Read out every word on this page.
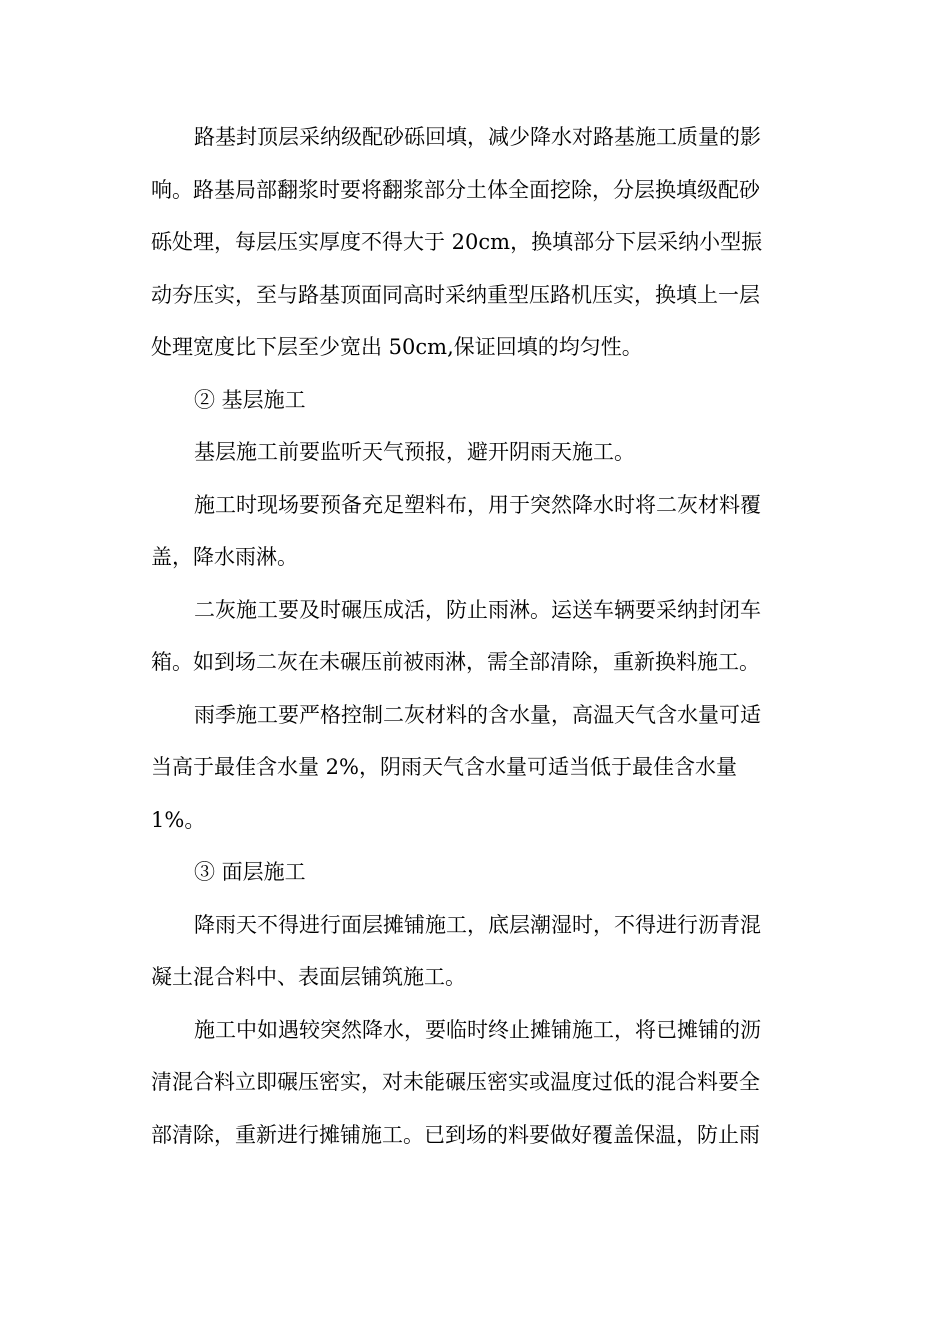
路基封顶层采纳级配砂砾回填，减少降水对路基施工质量的影
响。路基局部翻浆时要将翻浆部分土体全面挖除，分层换填级配砂
砾处理，每层压实厚度不得大于 20cm，换填部分下层采纳小型振
动夯压实，至与路基顶面同高时采纳重型压路机压实，换填上一层
处理宽度比下层至少宽出 50cm,保证回填的均匀性。
② 基层施工
基层施工前要监听天气预报，避开阴雨天施工。
施工时现场要预备充足塑料布，用于突然降水时将二灰材料覆
盖，降水雨淋。
二灰施工要及时碾压成活，防止雨淋。运送车辆要采纳封闭车
箱。如到场二灰在未碾压前被雨淋，需全部清除，重新换料施工。
雨季施工要严格控制二灰材料的含水量，高温天气含水量可适
当高于最佳含水量 2%，阴雨天气含水量可适当低于最佳含水量
1%。
③ 面层施工
降雨天不得进行面层摊铺施工，底层潮湿时，不得进行沥青混
凝土混合料中、表面层铺筑施工。
施工中如遇较突然降水，要临时终止摊铺施工，将已摊铺的沥
清混合料立即碾压密实，对未能碾压密实或温度过低的混合料要全
部清除，重新进行摊铺施工。已到场的料要做好覆盖保温，防止雨
